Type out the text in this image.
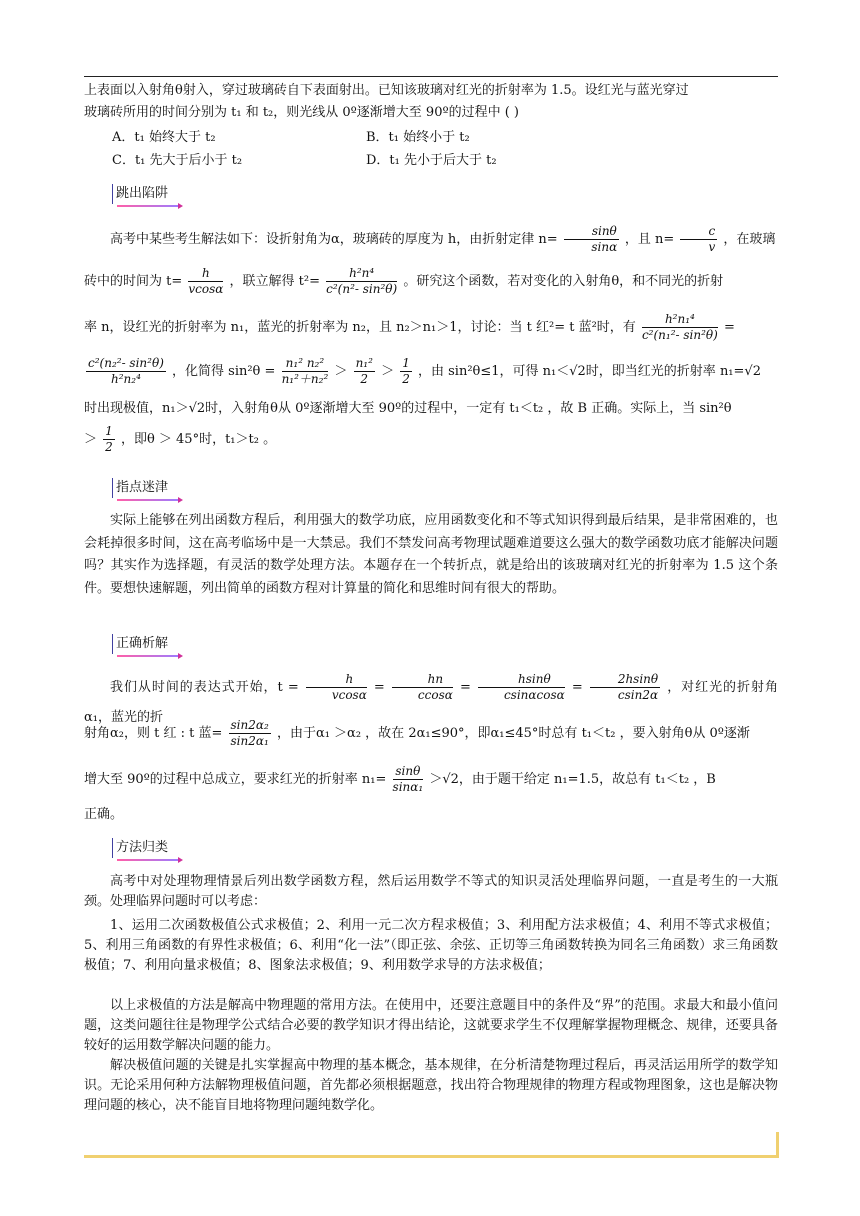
上表面以入射角θ射入，穿过玻璃砖自下表面射出。已知该玻璃对红光的折射率为 1.5。设红光与蓝光穿过
玻璃砖所用的时间分别为 t₁ 和 t₂，则光线从 0º逐渐增大至 90º的过程中 ( )
A．t₁ 始终大于 t₂	B．t₁ 始终小于 t₂
C．t₁ 先大于后小于 t₂	D．t₁ 先小于后大于 t₂
跳出陷阱
高考中某些考生解法如下：设折射角为α，玻璃砖的厚度为 h，由折射定律 $n= \frac{\sin\theta}{\sin\alpha}$ ，且 $n= \frac{c}{v}$ ，在玻璃
砖中的时间为 $t= \frac{h}{vcos\alpha}$ ，联立解得 $t^2= \frac{\text{h²n⁴}}{\text{c²(n²- sin²θ)}}$ 。研究这个函数，若对变化的入射角θ，和不同光的折射
率 n，设红光的折射率为 n₁，蓝光的折射率为 n₂，且 n₂＞n₁＞1，讨论：当 t 红²= t 蓝²时，有 $\frac{\text{h²n₁⁴}}{\text{c²(n₁²- sin²θ)}}$ =
$\frac{\text{c²(n₂²- sin²θ)}}{\text{h²n₂⁴}}$ ，化简得 $\sin^2\theta = \frac{\text{n₁² n₂²}}{\text{n₁²＋n₂²}} > \frac{\text{n₁²}}{2} > \frac{1}{2}$ ，由 sin²θ≤1，可得 n₁＜√2时，即当红光的折射率 n₁=√2
时出现极值，n₁＞√2时，入射角θ从 0º逐渐增大至 90º的过程中，一定有 t₁＜t₂ ，故 B 正确。实际上，当 sin²θ
＞ $\frac{1}{2}$ ，即θ ＞ 45°时，t₁＞t₂ 。
指点迷津
实际上能够在列出函数方程后，利用强大的数学功底，应用函数变化和不等式知识得到最后结果，是非常困难的，也会耗掉很多时间，这在高考临场中是一大禁忌。我们不禁发问高考物理试题难道要这么强大的数学函数功底才能解决问题吗？其实作为选择题，有灵活的数学处理方法。本题存在一个转折点，就是给出的该玻璃对红光的折射率为 1.5 这个条件。要想快速解题，列出简单的函数方程对计算量的简化和思维时间有很大的帮助。
正确析解
我们从时间的表达式开始，$t = \frac{h}{vcos\alpha} = \frac{hn}{ccos\alpha} = \frac{hsin\theta}{csin\alpha\cos\alpha} = \frac{2hsin\theta}{csin2\alpha}$ ，对红光的折射角α₁，蓝光的折
射角α₂，则 t 红 : t 蓝= $\frac{\text{sin2α₂}}{\text{sin2α₁}}$ ，由于α₁ ＞α₂ ，故在 2α₁≤90°，即α₁≤45°时总有 t₁＜t₂ ，要入射角θ从 0º逐渐
增大至 90º的过程中总成立，要求红光的折射率 $n_1= \frac{\sin\theta}{\text{sinα₁}} >√2$，由于题干给定 n₁=1.5，故总有 t₁＜t₂ ，B
正确。
方法归类
高考中对处理物理情景后列出数学函数方程，然后运用数学不等式的知识灵活处理临界问题，一直是考生的一大瓶颈。处理临界问题时可以考虑：
1、运用二次函数极值公式求极值；2、利用一元二次方程求极值；3、利用配方法求极值；4、利用不等式求极值；5、利用三角函数的有界性求极值；6、利用“化一法”（即正弦、余弦、正切等三角函数转换为同名三角函数）求三角函数极值；7、利用向量求极值；8、图象法求极值；9、利用数学求导的方法求极值；
以上求极值的方法是解高中物理题的常用方法。在使用中，还要注意题目中的条件及“界”的范围。求最大和最小值问题，这类问题往往是物理学公式结合必要的教学知识才得出结论，这就要求学生不仅理解掌握物理概念、规律，还要具备较好的运用数学解决问题的能力。
解决极值问题的关键是扎实掌握高中物理的基本概念，基本规律，在分析清楚物理过程后，再灵活运用所学的数学知识。无论采用何种方法解物理极值问题，首先都必须根据题意，找出符合物理规律的物理方程或物理图象，这也是解决物理问题的核心，决不能盲目地将物理问题纯数学化。
